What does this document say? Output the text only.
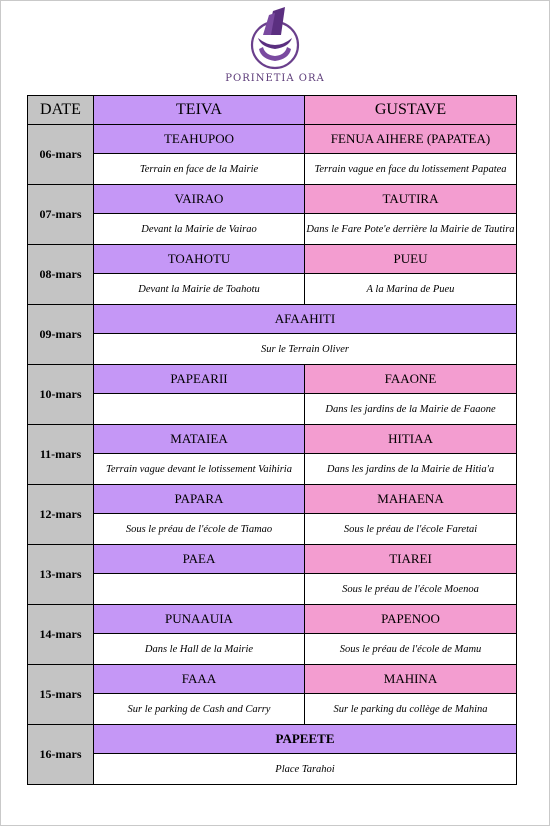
~~~~
PORINETIA ORA
DATE	TEIVA	GUSTAVE
06-mars	TEAHUPOO	FENUA AIHERE (PAPATEA)
	Terrain en face de la Mairie	Terrain vague en face du lotissement Papatea
07-mars	VAIRAO	TAUTIRA
	Devant la Mairie de Vairao	Dans le Fare Pote'e derrière la Mairie de Tautira
08-mars	TOAHOTU	PUEU
	Devant la Mairie de Toahotu	A la Marina de Pueu
09-mars	AFAAHITI	
	Sur le Terrain Oliver	
10-mars	PAPEARII	FAAONE
		Dans les jardins de la Mairie de Faaone
11-mars	MATAIEA	HITIAA
	Terrain vague devant le lotissement Vaihiria	Dans les jardins de la Mairie de Hitia'a
12-mars	PAPARA	MAHAENA
	Sous le préau de l'école de Tiamao	Sous le préau de l'école Faretai
13-mars	PAEA	TIAREI
		Sous le préau de l'école Moenoa
14-mars	PUNAAUIA	PAPENOO
	Dans le Hall de la Mairie	Sous le préau de l'école de Mamu
15-mars	FAAA	MAHINA
	Sur le parking de Cash and Carry	Sur le parking du collège de Mahina
16-mars	PAPEETE	
	Place Tarahoi	
